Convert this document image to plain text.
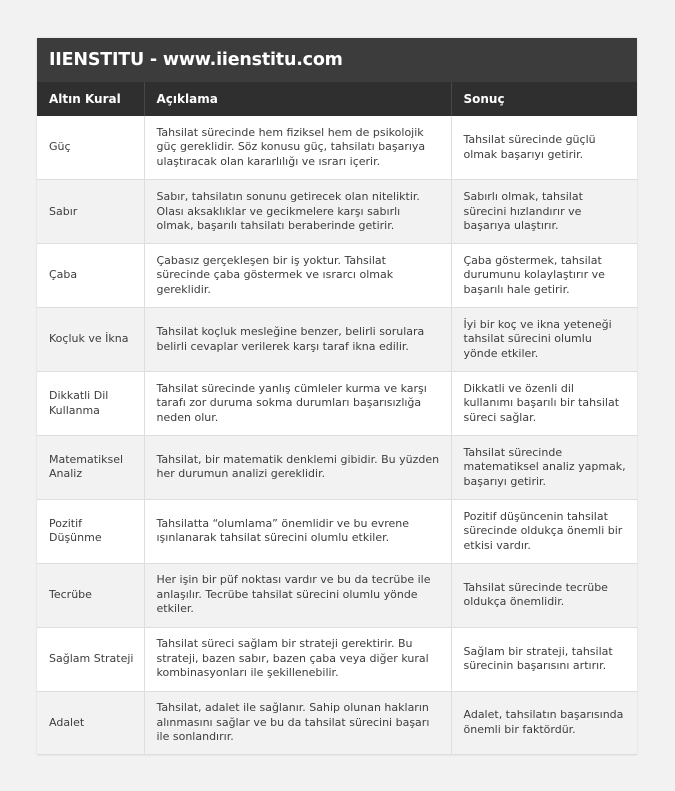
IIENSTITU - www.iienstitu.com
Altın Kural	Açıklama	Sonuç
Güç	Tahsilat sürecinde hem fiziksel hem de psikolojik güç gereklidir. Söz konusu güç, tahsilatı başarıya ulaştıracak olan kararlılığı ve ısrarı içerir.	Tahsilat sürecinde güçlü olmak başarıyı getirir.
Sabır	Sabır, tahsilatın sonunu getirecek olan niteliktir. Olası aksaklıklar ve gecikmelere karşı sabırlı olmak, başarılı tahsilatı beraberinde getirir.	Sabırlı olmak, tahsilat sürecini hızlandırır ve başarıya ulaştırır.
Çaba	Çabasız gerçekleşen bir iş yoktur. Tahsilat sürecinde çaba göstermek ve ısrarcı olmak gereklidir.	Çaba göstermek, tahsilat durumunu kolaylaştırır ve başarılı hale getirir.
Koçluk ve İkna	Tahsilat koçluk mesleğine benzer, belirli sorulara belirli cevaplar verilerek karşı taraf ikna edilir.	İyi bir koç ve ikna yeteneği tahsilat sürecini olumlu yönde etkiler.
Dikkatli Dil Kullanma	Tahsilat sürecinde yanlış cümleler kurma ve karşı tarafı zor duruma sokma durumları başarısızlığa neden olur.	Dikkatli ve özenli dil kullanımı başarılı bir tahsilat süreci sağlar.
Matematiksel Analiz	Tahsilat, bir matematik denklemi gibidir. Bu yüzden her durumun analizi gereklidir.	Tahsilat sürecinde matematiksel analiz yapmak, başarıyı getirir.
Pozitif Düşünme	Tahsilatta “olumlama” önemlidir ve bu evrene ışınlanarak tahsilat sürecini olumlu etkiler.	Pozitif düşüncenin tahsilat sürecinde oldukça önemli bir etkisi vardır.
Tecrübe	Her işin bir püf noktası vardır ve bu da tecrübe ile anlaşılır. Tecrübe tahsilat sürecini olumlu yönde etkiler.	Tahsilat sürecinde tecrübe oldukça önemlidir.
Sağlam Strateji	Tahsilat süreci sağlam bir strateji gerektirir. Bu strateji, bazen sabır, bazen çaba veya diğer kural kombinasyonları ile şekillenebilir.	Sağlam bir strateji, tahsilat sürecinin başarısını artırır.
Adalet	Tahsilat, adalet ile sağlanır. Sahip olunan hakların alınmasını sağlar ve bu da tahsilat sürecini başarı ile sonlandırır.	Adalet, tahsilatın başarısında önemli bir faktördür.
